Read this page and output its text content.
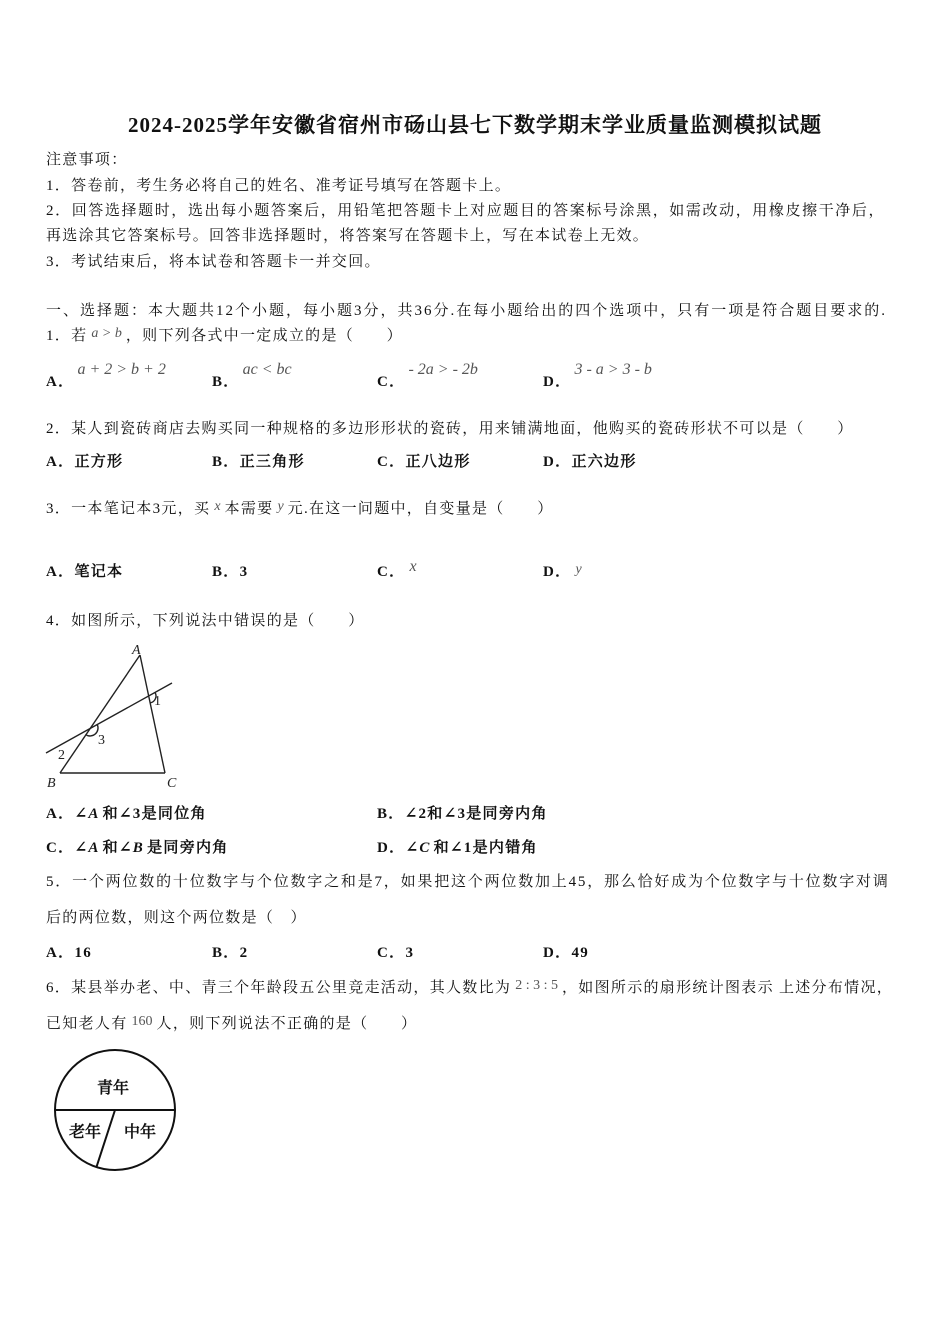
2024-2025学年安徽省宿州市砀山县七下数学期末学业质量监测模拟试题
注意事项：
1．答卷前，考生务必将自己的姓名、准考证号填写在答题卡上。
2．回答选择题时，选出每小题答案后，用铅笔把答题卡上对应题目的答案标号涂黑，如需改动，用橡皮擦干净后，
再选涂其它答案标号。回答非选择题时，将答案写在答题卡上，写在本试卷上无效。
3．考试结束后，将本试卷和答题卡一并交回。
一、选择题：本大题共12个小题，每小题3分，共36分.在每小题给出的四个选项中，只有一项是符合题目要求的.
1．若 a > b ，则下列各式中一定成立的是（　　）
A．a + 2 > b + 2
B．ac < bc
C．- 2a > - 2b
D．3 - a > 3 - b
2．某人到瓷砖商店去购买同一种规格的多边形形状的瓷砖，用来铺满地面，他购买的瓷砖形状不可以是（　　）
A．正方形	B．正三角形	C．正八边形	D．正六边形
3．一本笔记本3元，买 x 本需要 y 元.在这一问题中，自变量是（　　）
A．笔记本	B．3	C． x	D． y
4．如图所示，下列说法中错误的是（　　）
A
B	C
1
2
3
A．∠A 和∠3是同位角	B．∠2和∠3是同旁内角
C．∠A 和∠B 是同旁内角	D．∠C 和∠1是内错角
5．一个两位数的十位数字与个位数字之和是7，如果把这个两位数加上45，那么恰好成为个位数字与十位数字对调
后的两位数，则这个两位数是（　）
A．16	B．2	C．3	D．49
6．某县举办老、中、青三个年龄段五公里竞走活动，其人数比为 2 : 3 : 5 ，如图所示的扇形统计图表示 上述分布情况，
已知老人有 160 人，则下列说法不正确的是（　　）
青年
中年
老年
